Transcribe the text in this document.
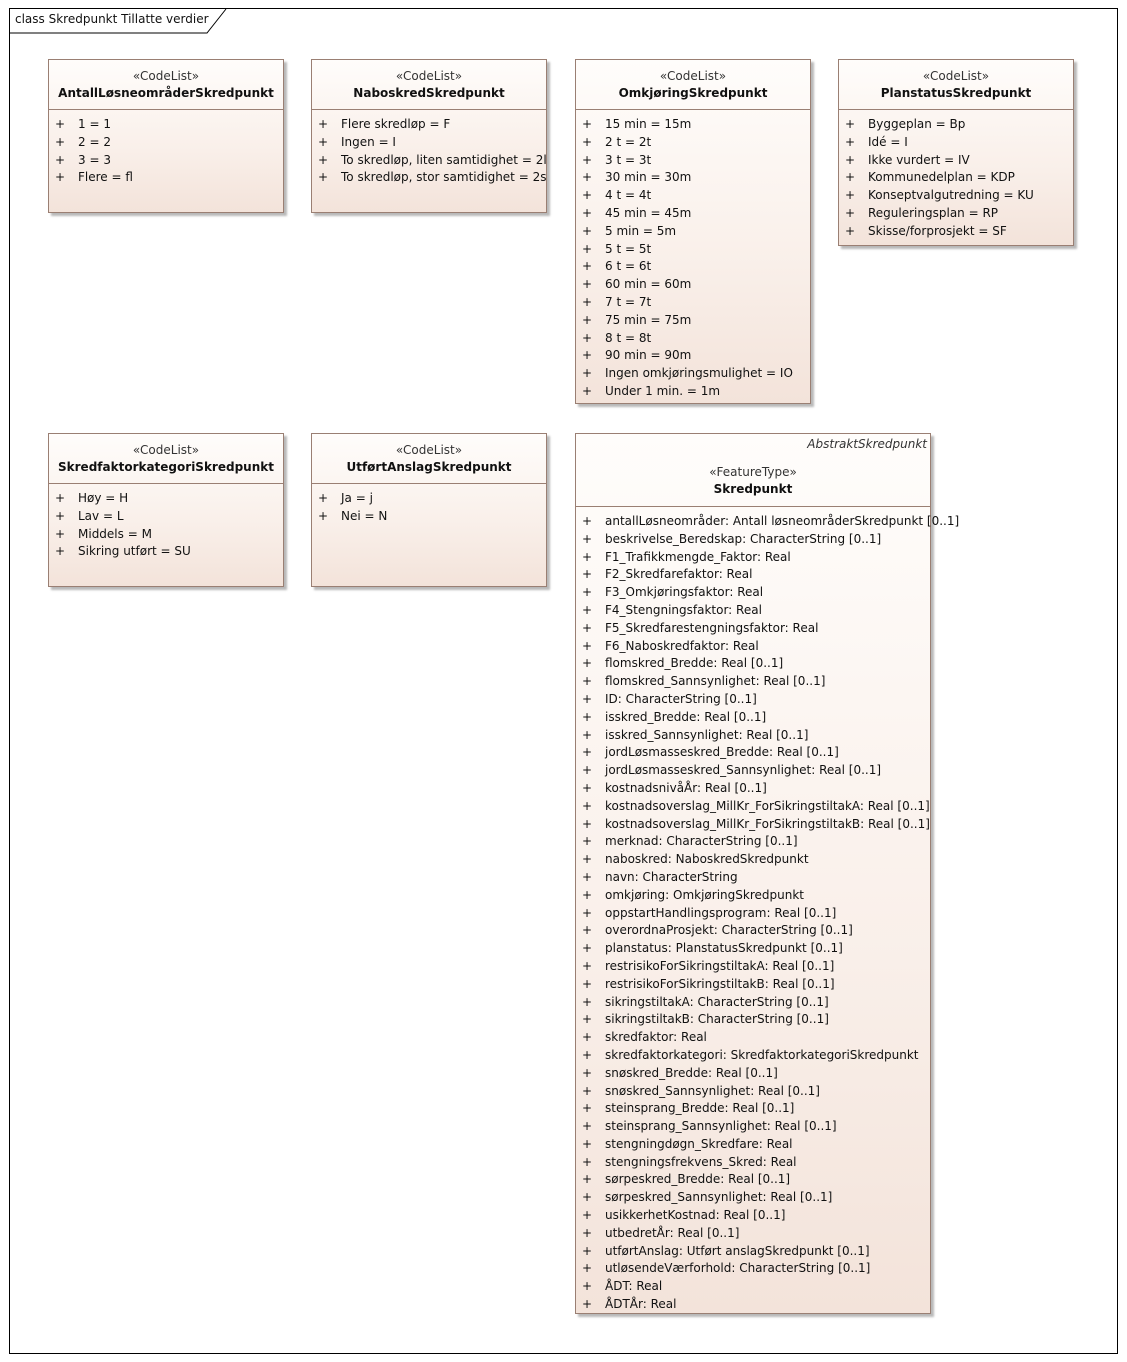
class Skredpunkt Tillatte verdier
«CodeList»
AntallLøsneområderSkredpunkt
+ 1 = 1
+ 2 = 2
+ 3 = 3
+ Flere = fl
«CodeList»
NaboskredSkredpunkt
+ Flere skredløp = F
+ Ingen = I
+ To skredløp, liten samtidighet = 2l
+ To skredløp, stor samtidighet = 2s
«CodeList»
OmkjøringSkredpunkt
+ 15 min = 15m
+ 2 t = 2t
+ 3 t = 3t
+ 30 min = 30m
+ 4 t = 4t
+ 45 min = 45m
+ 5 min = 5m
+ 5 t = 5t
+ 6 t = 6t
+ 60 min = 60m
+ 7 t = 7t
+ 75 min = 75m
+ 8 t = 8t
+ 90 min = 90m
+ Ingen omkjøringsmulighet = IO
+ Under 1 min. = 1m
«CodeList»
PlanstatusSkredpunkt
+ Byggeplan = Bp
+ Idé = I
+ Ikke vurdert = IV
+ Kommunedelplan = KDP
+ Konseptvalgutredning = KU
+ Reguleringsplan = RP
+ Skisse/forprosjekt = SF
«CodeList»
SkredfaktorkategoriSkredpunkt
+ Høy = H
+ Lav = L
+ Middels = M
+ Sikring utført = SU
«CodeList»
UtførtAnslagSkredpunkt
+ Ja = j
+ Nei = N
AbstraktSkredpunkt
«FeatureType»
Skredpunkt
+ antallLøsneområder: Antall løsneområderSkredpunkt [0..1]
+ beskrivelse_Beredskap: CharacterString [0..1]
+ F1_Trafikkmengde_Faktor: Real
+ F2_Skredfarefaktor: Real
+ F3_Omkjøringsfaktor: Real
+ F4_Stengningsfaktor: Real
+ F5_Skredfarestengningsfaktor: Real
+ F6_Naboskredfaktor: Real
+ flomskred_Bredde: Real [0..1]
+ flomskred_Sannsynlighet: Real [0..1]
+ ID: CharacterString [0..1]
+ isskred_Bredde: Real [0..1]
+ isskred_Sannsynlighet: Real [0..1]
+ jordLøsmasseskred_Bredde: Real [0..1]
+ jordLøsmasseskred_Sannsynlighet: Real [0..1]
+ kostnadsnivåÅr: Real [0..1]
+ kostnadsoverslag_MillKr_ForSikringstiltakA: Real [0..1]
+ kostnadsoverslag_MillKr_ForSikringstiltakB: Real [0..1]
+ merknad: CharacterString [0..1]
+ naboskred: NaboskredSkredpunkt
+ navn: CharacterString
+ omkjøring: OmkjøringSkredpunkt
+ oppstartHandlingsprogram: Real [0..1]
+ overordnaProsjekt: CharacterString [0..1]
+ planstatus: PlanstatusSkredpunkt [0..1]
+ restrisikoForSikringstiltakA: Real [0..1]
+ restrisikoForSikringstiltakB: Real [0..1]
+ sikringstiltakA: CharacterString [0..1]
+ sikringstiltakB: CharacterString [0..1]
+ skredfaktor: Real
+ skredfaktorkategori: SkredfaktorkategoriSkredpunkt
+ snøskred_Bredde: Real [0..1]
+ snøskred_Sannsynlighet: Real [0..1]
+ steinsprang_Bredde: Real [0..1]
+ steinsprang_Sannsynlighet: Real [0..1]
+ stengningdøgn_Skredfare: Real
+ stengningsfrekvens_Skred: Real
+ sørpeskred_Bredde: Real [0..1]
+ sørpeskred_Sannsynlighet: Real [0..1]
+ usikkerhetKostnad: Real [0..1]
+ utbedretÅr: Real [0..1]
+ utførtAnslag: Utført anslagSkredpunkt [0..1]
+ utløsendeVærforhold: CharacterString [0..1]
+ ÅDT: Real
+ ÅDTÅr: Real
